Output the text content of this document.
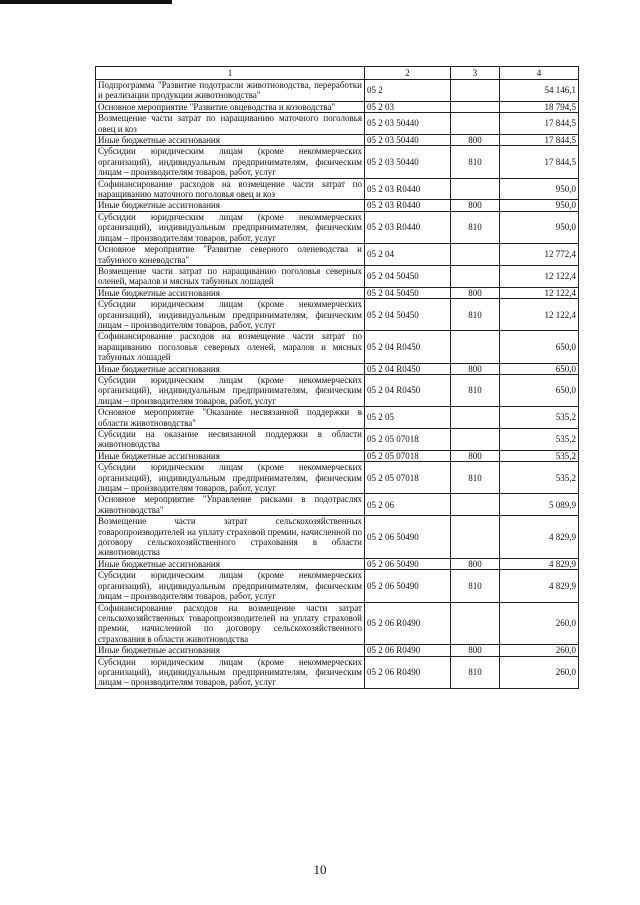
1	2	3	4
Подпрограмма "Развитие подотрасли животноводства, переработки и реализации продукции животноводства"	05 2		54 146,1
Основное мероприятие "Развитие овцеводства и козоводства"	05 2 03		18 794,5
Возмещение части затрат по наращиванию маточного поголовья овец и коз	05 2 03 50440		17 844,5
Иные бюджетные ассигнования	05 2 03 50440	800	17 844,5
Субсидии юридическим лицам (кроме некоммерческих организаций), индивидуальным предпринимателям, физическим лицам – производителям товаров, работ, услуг	05 2 03 50440	810	17 844,5
Софинансирование расходов на возмещение части затрат по наращиванию маточного поголовья овец и коз	05 2 03 R0440		950,0
Иные бюджетные ассигнования	05 2 03 R0440	800	950,0
Субсидии юридическим лицам (кроме некоммерческих организаций), индивидуальным предпринимателям, физическим лицам – производителям товаров, работ, услуг	05 2 03 R0440	810	950,0
Основное мероприятие "Развитие северного оленеводства и табунного коневодства"	05 2 04		12 772,4
Возмещение части затрат по наращиванию поголовья северных оленей, маралов и мясных табунных лошадей	05 2 04 50450		12 122,4
Иные бюджетные ассигнования	05 2 04 50450	800	12 122,4
Субсидии юридическим лицам (кроме некоммерческих организаций), индивидуальным предпринимателям, физическим лицам – производителям товаров, работ, услуг	05 2 04 50450	810	12 122,4
Софинансирование расходов на возмещение части затрат по наращиванию поголовья северных оленей, маралов и мясных табунных лошадей	05 2 04 R0450		650,0
Иные бюджетные ассигнования	05 2 04 R0450	800	650,0
Субсидии юридическим лицам (кроме некоммерческих организаций), индивидуальным предпринимателям, физическим лицам – производителям товаров, работ, услуг	05 2 04 R0450	810	650,0
Основное мероприятие "Оказание несвязанной поддержки в области животноводства"	05 2 05		535,2
Субсидии на оказание несвязанной поддержки в области животноводства	05 2 05 07018		535,2
Иные бюджетные ассигнования	05 2 05 07018	800	535,2
Субсидии юридическим лицам (кроме некоммерческих организаций), индивидуальным предпринимателям, физическим лицам – производителям товаров, работ, услуг	05 2 05 07018	810	535,2
Основное мероприятие "Управление рисками в подотраслях животноводства"	05 2 06		5 089,9
Возмещение части затрат сельскохозяйственных товаропроизводителей на уплату страховой премии, начисленной по договору сельскохозяйственного страхования в области животноводства	05 2 06 50490		4 829,9
Иные бюджетные ассигнования	05 2 06 50490	800	4 829,9
Субсидии юридическим лицам (кроме некоммерческих организаций), индивидуальным предпринимателям, физическим лицам – производителям товаров, работ, услуг	05 2 06 50490	810	4 829,9
Софинансирование расходов на возмещение части затрат сельскохозяйственных товаропроизводителей на уплату страховой премии, начисленной по договору сельскохозяйственного страхования в области животноводства	05 2 06 R0490		260,0
Иные бюджетные ассигнования	05 2 06 R0490	800	260,0
Субсидии юридическим лицам (кроме некоммерческих организаций), индивидуальным предпринимателям, физическим лицам – производителям товаров, работ, услуг	05 2 06 R0490	810	260,0
10
